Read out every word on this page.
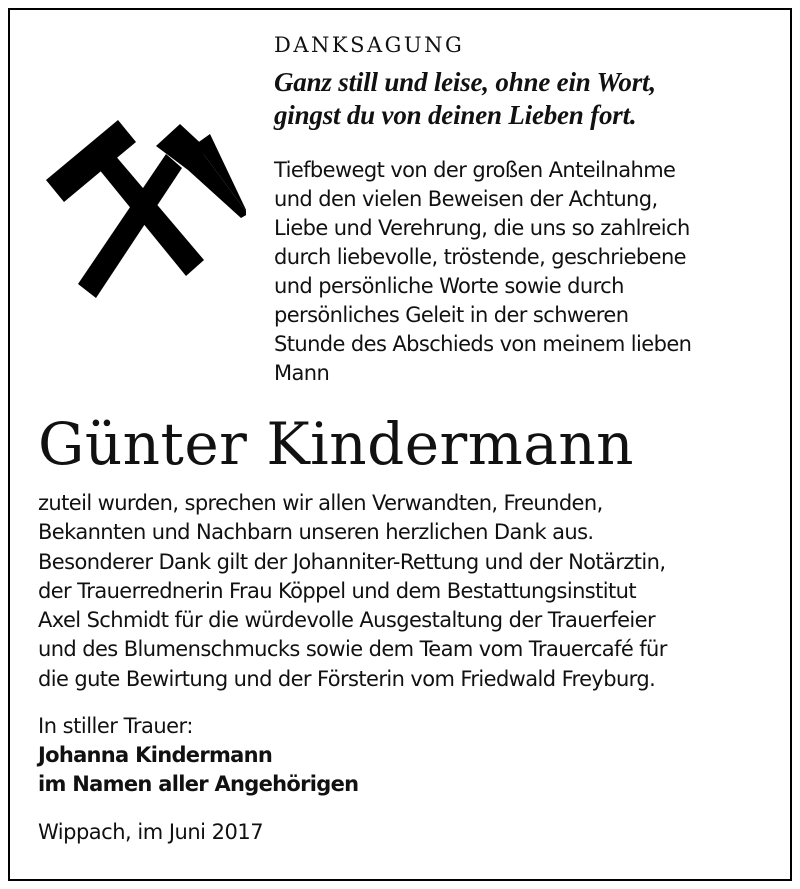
DANKSAGUNG
Ganz still und leise, ohne ein Wort,
gingst du von deinen Lieben fort.
Tiefbewegt von der großen Anteilnahme
und den vielen Beweisen der Achtung,
Liebe und Verehrung, die uns so zahlreich
durch liebevolle, tröstende, geschriebene
und persönliche Worte sowie durch
persönliches Geleit in der schweren
Stunde des Abschieds von meinem lieben
Mann
Günter Kindermann
zuteil wurden, sprechen wir allen Verwandten, Freunden,
Bekannten und Nachbarn unseren herzlichen Dank aus.
Besonderer Dank gilt der Johanniter-Rettung und der Notärztin,
der Trauerrednerin Frau Köppel und dem Bestattungsinstitut
Axel Schmidt für die würdevolle Ausgestaltung der Trauerfeier
und des Blumenschmucks sowie dem Team vom Trauercafé für
die gute Bewirtung und der Försterin vom Friedwald Freyburg.
In stiller Trauer:
Johanna Kindermann
im Namen aller Angehörigen
Wippach, im Juni 2017
